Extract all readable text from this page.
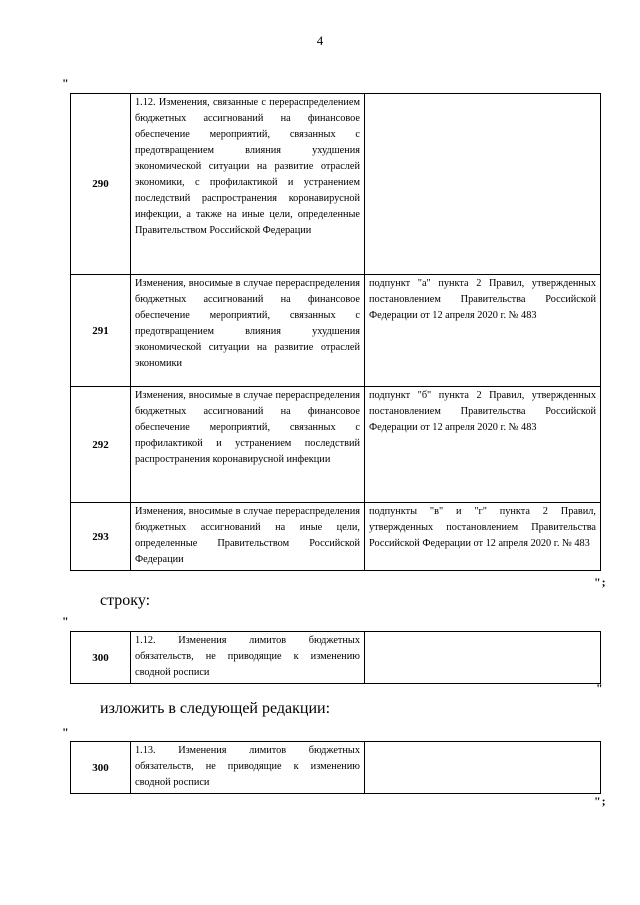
4
"
290	1.12. Изменения, связанные с перераспределением бюджетных ассигнований на финансовое обеспечение мероприятий, связанных с предотвращением влияния ухудшения экономической ситуации на развитие отраслей экономики, с профилактикой и устранением последствий распространения коронавирусной инфекции, а также на иные цели, определенные Правительством Российской Федерации	
291	Изменения, вносимые в случае перераспределения бюджетных ассигнований на финансовое обеспечение мероприятий, связанных с предотвращением влияния ухудшения экономической ситуации на развитие отраслей экономики	подпункт "а" пункта 2 Правил, утвержденных постановлением Правительства Российской Федерации от 12 апреля 2020 г. № 483
292	Изменения, вносимые в случае перераспределения бюджетных ассигнований на финансовое обеспечение мероприятий, связанных с профилактикой и устранением последствий распространения коронавирусной инфекции	подпункт "б" пункта 2 Правил, утвержденных постановлением Правительства Российской Федерации от 12 апреля 2020 г. № 483
293	Изменения, вносимые в случае перераспределения бюджетных ассигнований на иные цели, определенные Правительством Российской Федерации	подпункты "в" и "г" пункта 2 Правил, утвержденных постановлением Правительства Российской Федерации от 12 апреля 2020 г. № 483
";
строку:
"
300	1.12. Изменения лимитов бюджетных обязательств, не приводящие к изменению сводной росписи	
"
изложить в следующей редакции:
"
300	1.13. Изменения лимитов бюджетных обязательств, не приводящие к изменению сводной росписи	
";
